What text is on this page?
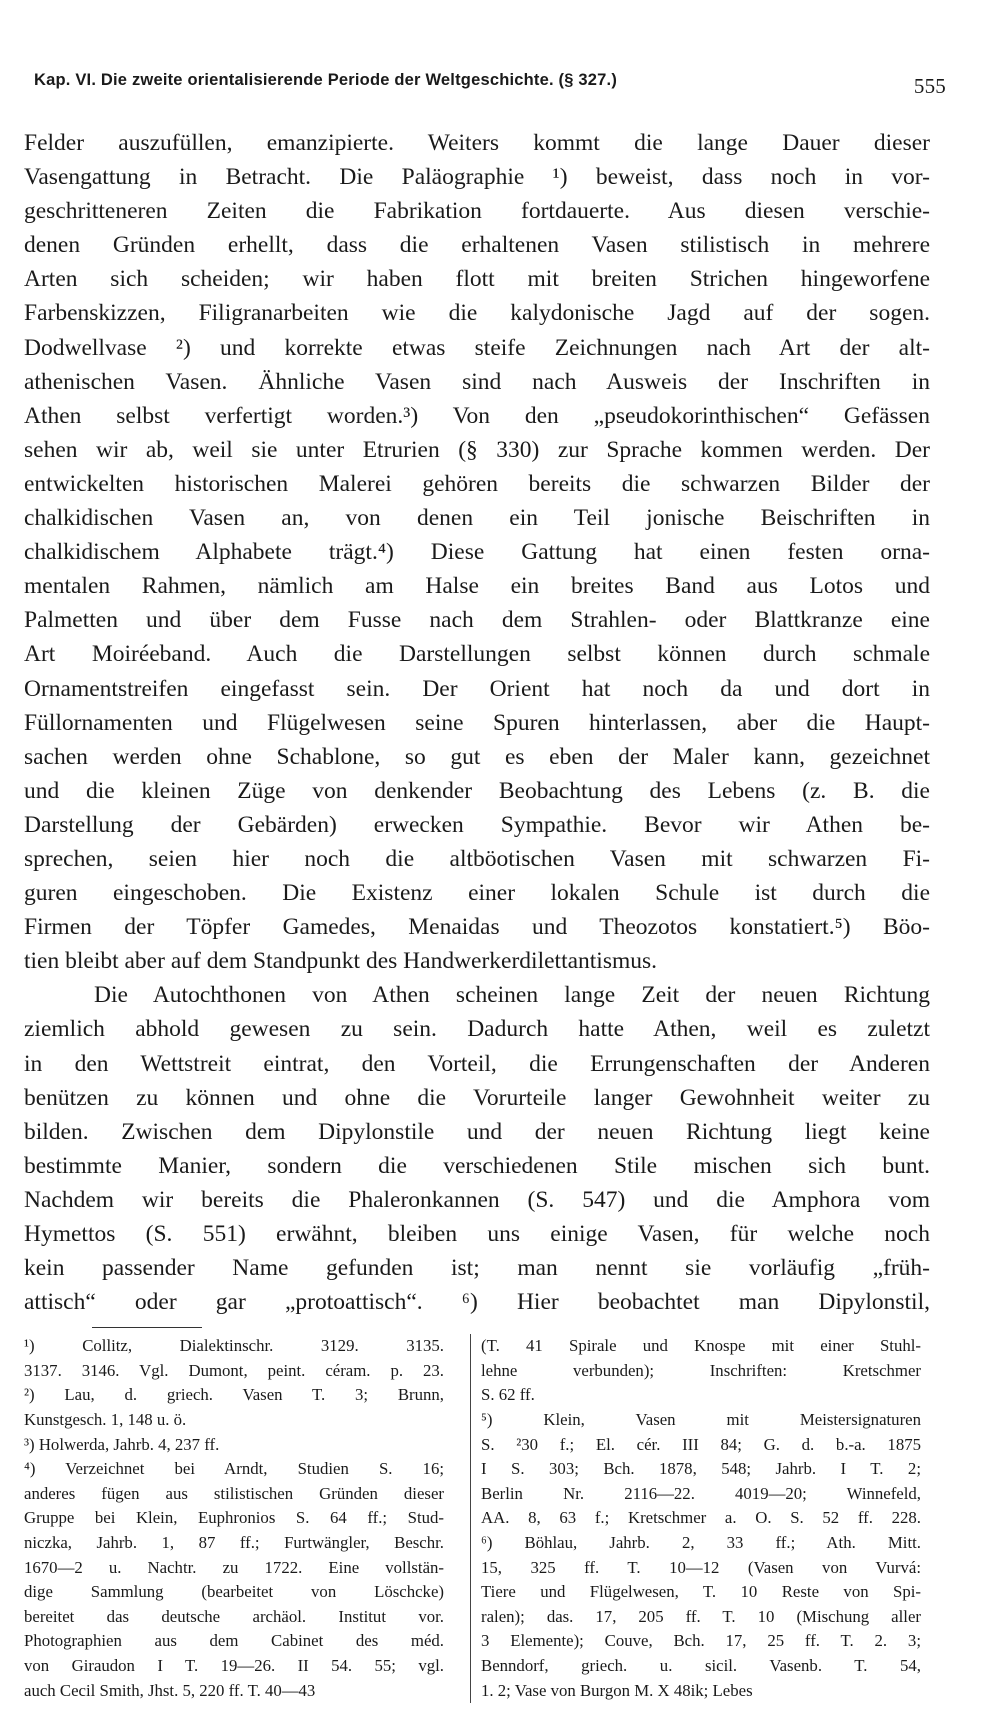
Kap. VI. Die zweite orientalisierende Periode der Weltgeschichte. (§ 327.)	555
Felder auszufüllen, emanzipierte. Weiters kommt die lange Dauer dieser
Vasengattung in Betracht. Die Paläographie ¹) beweist, dass noch in vor-
geschritteneren Zeiten die Fabrikation fortdauerte. Aus diesen verschie-
denen Gründen erhellt, dass die erhaltenen Vasen stilistisch in mehrere
Arten sich scheiden; wir haben flott mit breiten Strichen hingeworfene
Farbenskizzen, Filigranarbeiten wie die kalydonische Jagd auf der sogen.
Dodwellvase ²) und korrekte etwas steife Zeichnungen nach Art der alt-
athenischen Vasen. Ähnliche Vasen sind nach Ausweis der Inschriften in
Athen selbst verfertigt worden.³) Von den „pseudokorinthischen“ Gefässen
sehen wir ab, weil sie unter Etrurien (§ 330) zur Sprache kommen werden. Der
entwickelten historischen Malerei gehören bereits die schwarzen Bilder der
chalkidischen Vasen an, von denen ein Teil jonische Beischriften in
chalkidischem Alphabete trägt.⁴) Diese Gattung hat einen festen orna-
mentalen Rahmen, nämlich am Halse ein breites Band aus Lotos und
Palmetten und über dem Fusse nach dem Strahlen- oder Blattkranze eine
Art Moiréeband. Auch die Darstellungen selbst können durch schmale
Ornamentstreifen eingefasst sein. Der Orient hat noch da und dort in
Füllornamenten und Flügelwesen seine Spuren hinterlassen, aber die Haupt-
sachen werden ohne Schablone, so gut es eben der Maler kann, gezeichnet
und die kleinen Züge von denkender Beobachtung des Lebens (z. B. die
Darstellung der Gebärden) erwecken Sympathie. Bevor wir Athen be-
sprechen, seien hier noch die altböotischen Vasen mit schwarzen Fi-
guren eingeschoben. Die Existenz einer lokalen Schule ist durch die
Firmen der Töpfer Gamedes, Menaidas und Theozotos konstatiert.⁵) Böo-
tien bleibt aber auf dem Standpunkt des Handwerkerdilettantismus.
Die Autochthonen von Athen scheinen lange Zeit der neuen Richtung
ziemlich abhold gewesen zu sein. Dadurch hatte Athen, weil es zuletzt
in den Wettstreit eintrat, den Vorteil, die Errungenschaften der Anderen
benützen zu können und ohne die Vorurteile langer Gewohnheit weiter zu
bilden. Zwischen dem Dipylonstile und der neuen Richtung liegt keine
bestimmte Manier, sondern die verschiedenen Stile mischen sich bunt.
Nachdem wir bereits die Phaleronkannen (S. 547) und die Amphora vom
Hymettos (S. 551) erwähnt, bleiben uns einige Vasen, für welche noch
kein passender Name gefunden ist; man nennt sie vorläufig „früh-
attisch“ oder gar „protoattisch“. ⁶) Hier beobachtet man Dipylonstil,
¹) Collitz, Dialektinschr. 3129. 3135.
3137. 3146. Vgl. Dumont, peint. céram. p. 23.
²) Lau, d. griech. Vasen T. 3; Brunn,
Kunstgesch. 1, 148 u. ö.
³) Holwerda, Jahrb. 4, 237 ff.
⁴) Verzeichnet bei Arndt, Studien S. 16;
anderes fügen aus stilistischen Gründen dieser
Gruppe bei Klein, Euphronios S. 64 ff.; Stud-
niczka, Jahrb. 1, 87 ff.; Furtwängler, Beschr.
1670—2 u. Nachtr. zu 1722. Eine vollstän-
dige Sammlung (bearbeitet von Löschcke)
bereitet das deutsche archäol. Institut vor.
Photographien aus dem Cabinet des méd.
von Giraudon I T. 19—26. II 54. 55; vgl.
auch Cecil Smith, Jhst. 5, 220 ff. T. 40—43
(T. 41 Spirale und Knospe mit einer Stuhl-
lehne verbunden); Inschriften: Kretschmer
S. 62 ff.
⁵) Klein, Vasen mit Meistersignaturen
S. ²30 f.; El. cér. III 84; G. d. b.-a. 1875
I S. 303; Bch. 1878, 548; Jahrb. I T. 2;
Berlin Nr. 2116—22. 4019—20; Winnefeld,
AA. 8, 63 f.; Kretschmer a. O. S. 52 ff. 228.
⁶) Böhlau, Jahrb. 2, 33 ff.; Ath. Mitt.
15, 325 ff. T. 10—12 (Vasen von Vurvá:
Tiere und Flügelwesen, T. 10 Reste von Spi-
ralen); das. 17, 205 ff. T. 10 (Mischung aller
3 Elemente); Couve, Bch. 17, 25 ff. T. 2. 3;
Benndorf, griech. u. sicil. Vasenb. T. 54,
1. 2; Vase von Burgon M. X 48ik; Lebes
